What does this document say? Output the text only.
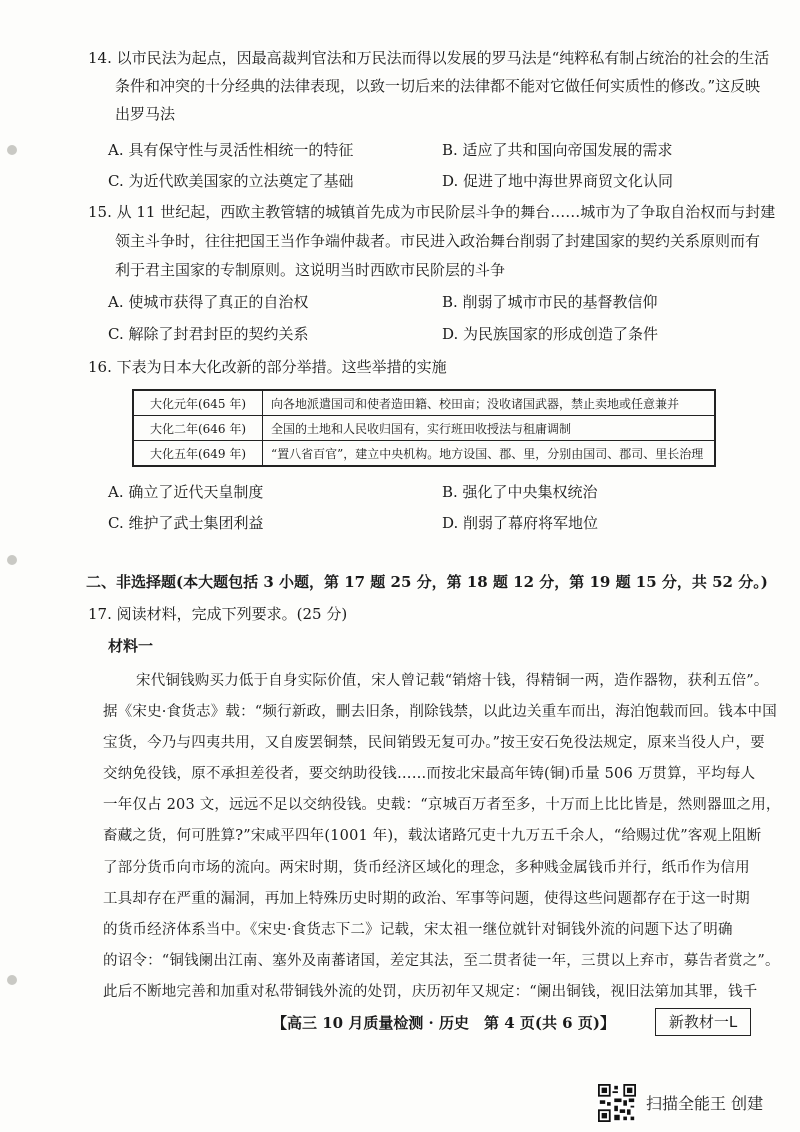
14. 以市民法为起点，因最高裁判官法和万民法而得以发展的罗马法是“纯粹私有制占统治的社会的生活
条件和冲突的十分经典的法律表现，以致一切后来的法律都不能对它做任何实质性的修改。”这反映
出罗马法
A. 具有保守性与灵活性相统一的特征	B. 适应了共和国向帝国发展的需求
C. 为近代欧美国家的立法奠定了基础	D. 促进了地中海世界商贸文化认同
15. 从 11 世纪起，西欧主教管辖的城镇首先成为市民阶层斗争的舞台……城市为了争取自治权而与封建
领主斗争时，往往把国王当作争端仲裁者。市民进入政治舞台削弱了封建国家的契约关系原则而有
利于君主国家的专制原则。这说明当时西欧市民阶层的斗争
A. 使城市获得了真正的自治权	B. 削弱了城市市民的基督教信仰
C. 解除了封君封臣的契约关系	D. 为民族国家的形成创造了条件
16. 下表为日本大化改新的部分举措。这些举措的实施
大化元年(645 年)	向各地派遣国司和使者造田籍、校田亩；没收诸国武器，禁止卖地或任意兼并
大化二年(646 年)	全国的土地和人民收归国有，实行班田收授法与租庸调制
大化五年(649 年)	“置八省百官”，建立中央机构。地方设国、郡、里，分别由国司、郡司、里长治理
A. 确立了近代天皇制度	B. 强化了中央集权统治
C. 维护了武士集团利益	D. 削弱了幕府将军地位
二、非选择题(本大题包括 3 小题，第 17 题 25 分，第 18 题 12 分，第 19 题 15 分，共 52 分。)
17. 阅读材料，完成下列要求。(25 分)
材料一
宋代铜钱购买力低于自身实际价值，宋人曾记载“销熔十钱，得精铜一两，造作器物，获利五倍”。
据《宋史·食货志》载：“频行新政，刪去旧条，削除钱禁，以此边关重车而出，海泊饱载而回。钱本中国
宝货，今乃与四夷共用，又自废罢铜禁，民间销毁无复可办。”按王安石免役法规定，原来当役人户，要
交纳免役钱，原不承担差役者，要交纳助役钱……而按北宋最高年铸(铜)币量 506 万贯算，平均每人
一年仅占 203 文，远远不足以交纳役钱。史载：“京城百万者至多，十万而上比比皆是，然则器皿之用，
畜藏之货，何可胜算?”宋咸平四年(1001 年)，载汰诸路冗吏十九万五千余人，“给赐过优”客观上阻断
了部分货币向市场的流向。两宋时期，货币经济区域化的理念，多种贱金属钱币并行，纸币作为信用
工具却存在严重的漏洞，再加上特殊历史时期的政治、军事等问题，使得这些问题都存在于这一时期
的货币经济体系当中。《宋史·食货志下二》记载，宋太祖一继位就针对铜钱外流的问题下达了明确
的诏令：“铜钱阑出江南、塞外及南蕃诸国，差定其法，至二贯者徒一年，三贯以上弃市，募告者赏之”。
此后不断地完善和加重对私带铜钱外流的处罚，庆历初年又规定：“阑出铜钱，视旧法第加其罪，钱千
【高三 10 月质量检测 · 历史　第 4 页(共 6 页)】	新教材一L
扫描全能王 创建
